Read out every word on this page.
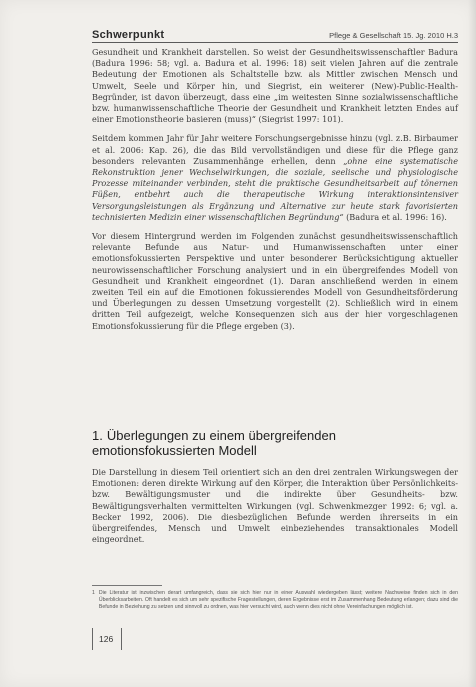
Schwerpunkt	Pflege & Gesellschaft 15. Jg. 2010 H.3

Gesundheit und Krankheit darstellen. So weist der Gesundheitswissenschaftler Badura (Badura 1996: 58; vgl. a. Badura et al. 1996: 18) seit vielen Jahren auf die zentrale Bedeutung der Emotionen als Schaltstelle bzw. als Mittler zwischen Mensch und Umwelt, Seele und Körper hin, und Siegrist, ein weiterer (New)-Public-Health-Begründer, ist davon überzeugt, dass eine „im weitesten Sinne sozialwissenschaftliche bzw. humanwissenschaftliche Theorie der Gesundheit und Krankheit letzten Endes auf einer Emotionstheorie basieren (muss)“ (Siegrist 1997: 101).

Seitdem kommen Jahr für Jahr weitere Forschungsergebnisse hinzu (vgl. z.B. Birbaumer et al. 2006: Kap. 26), die das Bild vervollständigen und diese für die Pflege ganz besonders relevanten Zusammenhänge erhellen, denn „ohne eine systematische Rekonstruktion jener Wechselwirkungen, die soziale, seelische und physiologische Prozesse miteinander verbinden, steht die praktische Gesundheitsarbeit auf tönernen Füßen, entbehrt auch die therapeutische Wirkung interaktionsintensiver Versorgungsleistungen als Ergänzung und Alternative zur heute stark favorisierten technisierten Medizin einer wissenschaftlichen Begründung“ (Badura et al. 1996: 16).

Vor diesem Hintergrund werden im Folgenden zunächst gesundheitswissenschaftlich relevante Befunde aus Natur- und Humanwissenschaften unter einer emotionsfokussierten Perspektive und unter besonderer Berücksichtigung aktueller neurowissenschaftlicher Forschung analysiert und in ein übergreifendes Modell von Gesundheit und Krankheit eingeordnet (1). Daran anschließend werden in einem zweiten Teil ein auf die Emotionen fokussierendes Modell von Gesundheitsförderung und Überlegungen zu dessen Umsetzung vorgestellt (2). Schließlich wird in einem dritten Teil aufgezeigt, welche Konsequenzen sich aus der hier vorgeschlagenen Emotionsfokussierung für die Pflege ergeben (3).

1. Überlegungen zu einem übergreifenden emotionsfokussierten Modell

Die Darstellung in diesem Teil orientiert sich an den drei zentralen Wirkungswegen der Emotionen: deren direkte Wirkung auf den Körper, die Interaktion über Persönlichkeits- bzw. Bewältigungsmuster und die indirekte über Gesundheits- bzw. Bewältigungsverhalten vermittelten Wirkungen (vgl. Schwenkmezger 1992: 6; vgl. a. Becker 1992, 2006). Die diesbezüglichen Befunde werden ihrerseits in ein übergreifendes, Mensch und Umwelt einbeziehendes transaktionales Modell eingeordnet.

1 Die Literatur ist inzwischen derart umfangreich, dass sie sich hier nur in einer Auswahl wiedergeben lässt; weitere Nachweise finden sich in den Überblicksarbeiten. Oft handelt es sich um sehr spezifische Fragestellungen, deren Ergebnisse erst im Zusammenhang Bedeutung erlangen; dazu sind die Befunde in Beziehung zu setzen und sinnvoll zu ordnen, was hier versucht wird, auch wenn dies nicht ohne Vereinfachungen möglich ist.
126
